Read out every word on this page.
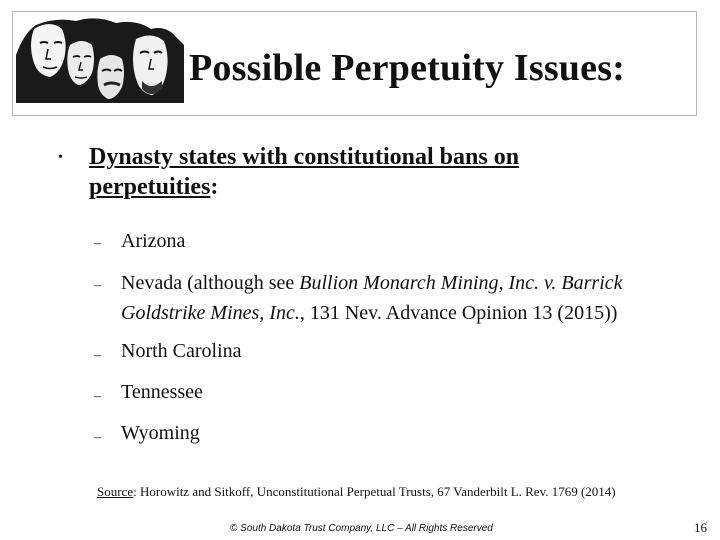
Possible Perpetuity Issues:
• Dynasty states with constitutional bans on perpetuities:
– Arizona
– Nevada (although see Bullion Monarch Mining, Inc. v. Barrick Goldstrike Mines, Inc., 131 Nev. Advance Opinion 13 (2015))
– North Carolina
– Tennessee
– Wyoming
Source: Horowitz and Sitkoff, Unconstitutional Perpetual Trusts, 67 Vanderbilt L. Rev. 1769 (2014)
© South Dakota Trust Company, LLC – All Rights Reserved	16
